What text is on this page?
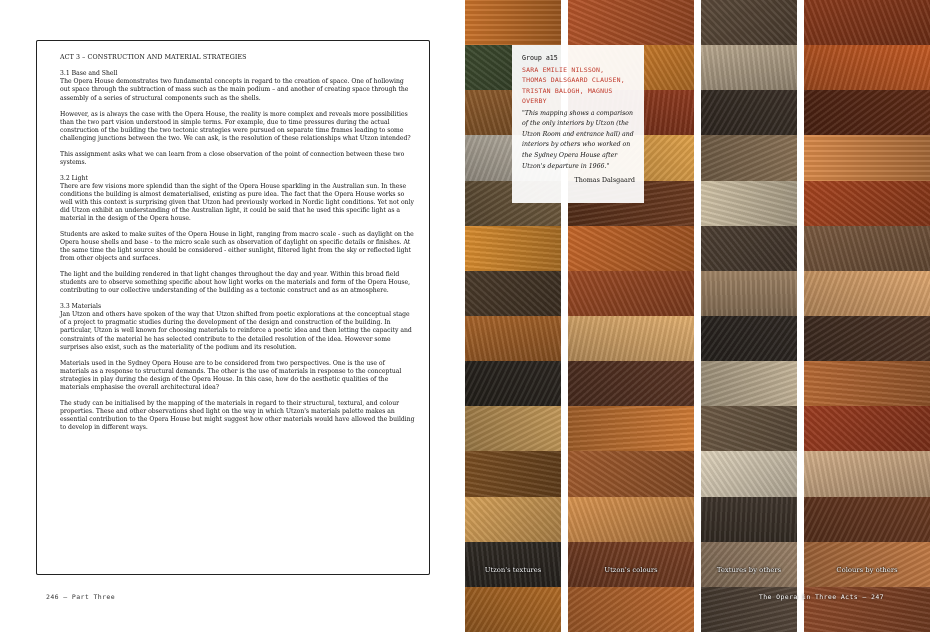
ACT 3 – CONSTRUCTION AND MATERIAL STRATEGIES

3.1 Base and Shell

The Opera House demonstrates two fundamental concepts in regard to the creation of space. One of hollowing out space through the subtraction of mass such as the main podium – and another of creating space through the assembly of a series of structural components such as the shells.

However, as is always the case with the Opera House, the reality is more complex and reveals more possibilities than the two part vision understood in simple terms. For example, due to time pressures during the actual construction of the building the two tectonic strategies were pursued on separate time frames leading to some challenging junctions between the two. We can ask, is the resolution of these relationships what Utzon intended?

This assignment asks what we can learn from a close observation of the point of connection between these two systems.

3.2 Light

There are few visions more splendid than the sight of the Opera House sparkling in the Australian sun. In these conditions the building is almost dematerialised, existing as pure idea. The fact that the Opera House works so well with this context is surprising given that Utzon had previously worked in Nordic light conditions. Yet not only did Utzon exhibit an understanding of the Australian light, it could be said that he used this specific light as a material in the design of the Opera house.

Students are asked to make suites of the Opera House in light, ranging from macro scale - such as daylight on the Opera house shells and base - to the micro scale such as observation of daylight on specific details or finishes. At the same time the light source should be considered - either sunlight, filtered light from the sky or reflected light from other objects and surfaces.

The light and the building rendered in that light changes throughout the day and year. Within this broad field students are to observe something specific about how light works on the materials and form of the Opera House, contributing to our collective understanding of the building as a tectonic construct and as an atmosphere.

3.3 Materials

Jan Utzon and others have spoken of the way that Utzon shifted from poetic explorations at the conceptual stage of a project to pragmatic studies during the development of the design and construction of the building. In particular, Utzon is well known for choosing materials to reinforce a poetic idea and then letting the capacity and constraints of the material he has selected contribute to the detailed resolution of the idea. However some surprises also exist, such as the materiality of the podium and its resolution.

Materials used in the Sydney Opera House are to be considered from two perspectives. One is the use of materials as a response to structural demands. The other is the use of materials in response to the conceptual strategies in play during the design of the Opera House. In this case, how do the aesthetic qualities of the materials emphasise the overall architectural idea?

The study can be initialised by the mapping of the materials in regard to their structural, textural, and colour properties. These and other observations shed light on the way in which Utzon's materials palette makes an essential contribution to the Opera House but might suggest how other materials would have allowed the building to develop in different ways.

246 – Part Three
Utzon's textures	Utzon's colours	Textures by others	Colours by others

Group a15

SARA EMILIE NILSSON,
THOMAS DALSGAARD CLAUSEN,
TRISTAN BALOGH, MAGNUS
OVERBY

"This mapping shows a comparison of the only interiors by Utzon (the Utzon Room and entrance hall) and interiors by others who worked on the Sydney Opera House after Utzon's departure in 1966."

Thomas Dalsgaard
The Opera in Three Acts – 247
